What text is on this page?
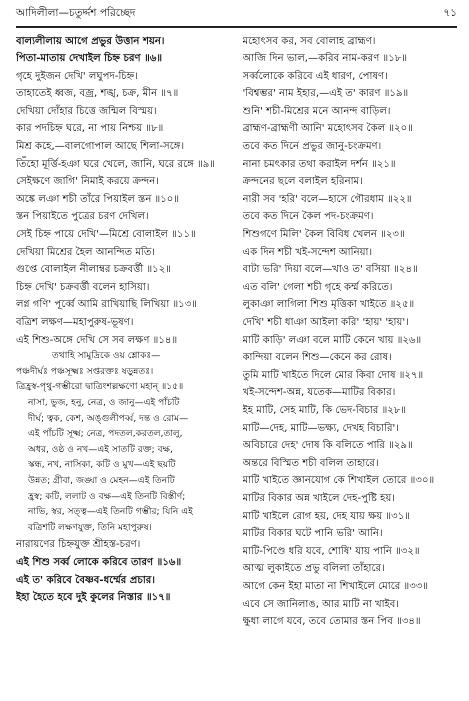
আদিলীলা—চতুর্দ্দশ পরিচ্ছেদ	৭১
বাল্যলীলায় আগে প্রভুর উত্তান শয়ন।
পিতা-মাতায় দেখাইল চিহ্ন চরণ ॥৬॥
গৃহে দুইজন দেখি' লঘুপদ-চিহ্ন।
তাহাতেই ধ্বজ, বজ্র, শঙ্খ, চক্র, মীন ॥৭॥
দেখিয়া দোঁহার চিত্তে জন্মিল বিস্ময়।
কার পদচিহ্ন ঘরে, না পায় নিশ্চয় ॥৮॥
মিশ্র কহে,—বালগোপাল আছে শিলা-সঙ্গে।
তিঁহো মূর্ত্তি-হঞা ঘরে খেলে, জানি, ঘরে রঙ্গে ॥৯॥
সেইক্ষণে জাগি' নিমাই করয়ে ক্রন্দন।
অঙ্কে লঞা শচী তাঁরে পিয়াইল স্তন ॥১০॥
স্তন পিয়াইতে পুত্রের চরণ দেখিল।
সেই চিহ্ন পায়ে দেখি'—মিশ্রে বোলাইল ॥১১॥
দেখিয়া মিশ্রের হৈল আনন্দিত মতি।
গুপ্তে বোলাইল নীলাম্বর চক্রবর্ত্তী ॥১২॥
চিহ্ন দেখি' চক্রবর্ত্তী বলেন হাসিয়া।
লগ্ন গণি' পূর্ব্বে আমি রাখিয়াছি লিখিয়া ॥১৩॥
বত্রিশ লক্ষণ—মহাপুরুষ-ভূষণ।
এই শিশু-অঙ্গে দেখি সে সব লক্ষণ ॥১৪॥
তথাহি সামুদ্রিকে ওয় শ্লোকঃ—
পঞ্চদীর্ঘঃ পঞ্চসূক্ষ্মঃ সপ্তরক্তঃ ষড়ুন্নতঃ।
ত্রিহ্রস্ব-পৃথু-গম্ভীরো দ্বাত্রিংশল্লক্ষণো মহান্ ॥১৫॥
নাসা, ভুজ, হনু, নেত্র, ও জানু—এই পাঁচটি
দীর্ঘ; ত্বক, কেশ, অঙ্গুলীপর্ব্ব, দন্ত ও রোম—
এই পাঁচটি সূক্ষ্ম; নেত্র, পদতল,করতল,তালু,
অধর, ওষ্ঠ ও নখ—এই সাতটি রক্ত; বক্ষ,
স্কন্ধ, নখ, নাসিকা, কটি ও মুখ—এই ছয়টি
উন্নত; গ্রীবা, জঙ্ঘা ও মেহন—এই তিনটি
হ্রস্ব; কটি, ললাট ও বক্ষ—এই তিনটি বিস্তীর্ণ;
নাভি, স্বর, সত্ত্ব—এই তিনটি গম্ভীর; যিনি এই
বত্রিশটি লক্ষণযুক্ত, তিনি মহাপুরুষ।
নারায়ণের চিহ্নযুক্ত শ্রীহস্ত-চরণ।
এই শিশু সর্ব্ব লোকে করিবে তারণ ॥১৬॥
এই ত' করিবে বৈষ্ণব-ধর্ম্মের প্রচার।
ইহা হৈতে হবে দুই কুলের নিস্তার ॥১৭॥
মহোৎসব কর, সব বোলাহ ব্রাহ্মণ।
আজি দিন ভাল,—করিব নাম-করণ ॥১৮॥
সর্ব্বলোকে করিবে এই ধারণ, পোষণ।
'বিশ্বম্ভর' নাম ইহার,—এই ত' কারণ ॥১৯॥
শুনি' শচী-মিশ্রের মনে আনন্দ বাড়িল।
ব্রাহ্মণ-ব্রাহ্মণী আনি' মহোৎসব কৈল ॥২০॥
তবে কত দিনে প্রভুর জানু-চংক্রমণ।
নানা চমৎকার তথা করাইল দর্শন ॥২১॥
ক্রন্দনের ছলে বলাইল হরিনাম।
নারী সব 'হরি' বলে—হাসে গৌরধাম ॥২২॥
তবে কত দিনে কৈল পদ-চংক্রমণ।
শিশুগণে মিলি' কৈল বিবিধ খেলন ॥২৩॥
এক দিন শচী খই-সন্দেশ আনিয়া।
বাটা ভরি' দিয়া বলে—খাও ত' বসিয়া ॥২৪॥
এত বলি' গেলা শচী গৃহে কর্ম্ম করিতে।
লুকাঞা লাগিলা শিশু মৃত্তিকা খাইতে ॥২৫॥
দেখি' শচী ধাঞা আইলা করি' 'হায়' 'হায়'।
মাটি কাড়ি' লঞা বলে মাটি কেনে খায় ॥২৬॥
কান্দিয়া বলেন শিশু—কেনে কর রোষ।
তুমি মাটি খাইতে দিলে মোর কিবা দোষ ॥২৭॥
খই-সন্দেশ-অন্ন, যতেক—মাটির বিকার।
ইহ মাটি, সেহ মাটি, কি ভেদ-বিচার ॥২৮॥
মাটি—দেহ, মাটি—ভক্ষ্য, দেখহ বিচারি'।
অবিচারে দেহ' দোষ কি বলিতে পারি ॥২৯॥
অন্তরে বিস্মিত শচী বলিল তাহারে।
মাটি খাইতে জ্ঞানযোগ কে শিখাইল তোরে ॥৩০॥
মাটির বিকার অন্ন খাইলে দেহ-পুষ্টি হয়।
মাটি খাইলে রোগ হয়, দেহ যায় ক্ষয় ॥৩১॥
মাটির বিকার ঘটে পানি ভরি' আনি।
মাটি-পিণ্ডে ধরি যবে, শোষি' যায় পানি ॥৩২॥
আত্ম লুকাইতে প্রভু বলিলা তাঁহারে।
আগে কেন ইহা মাতা না শিখাইলে মোরে ॥৩৩॥
এবে সে জানিলাঙ, আর মাটি না খাইব।
ক্ষুধা লাগে যবে, তবে তোমার স্তন পিব ॥৩৪॥
